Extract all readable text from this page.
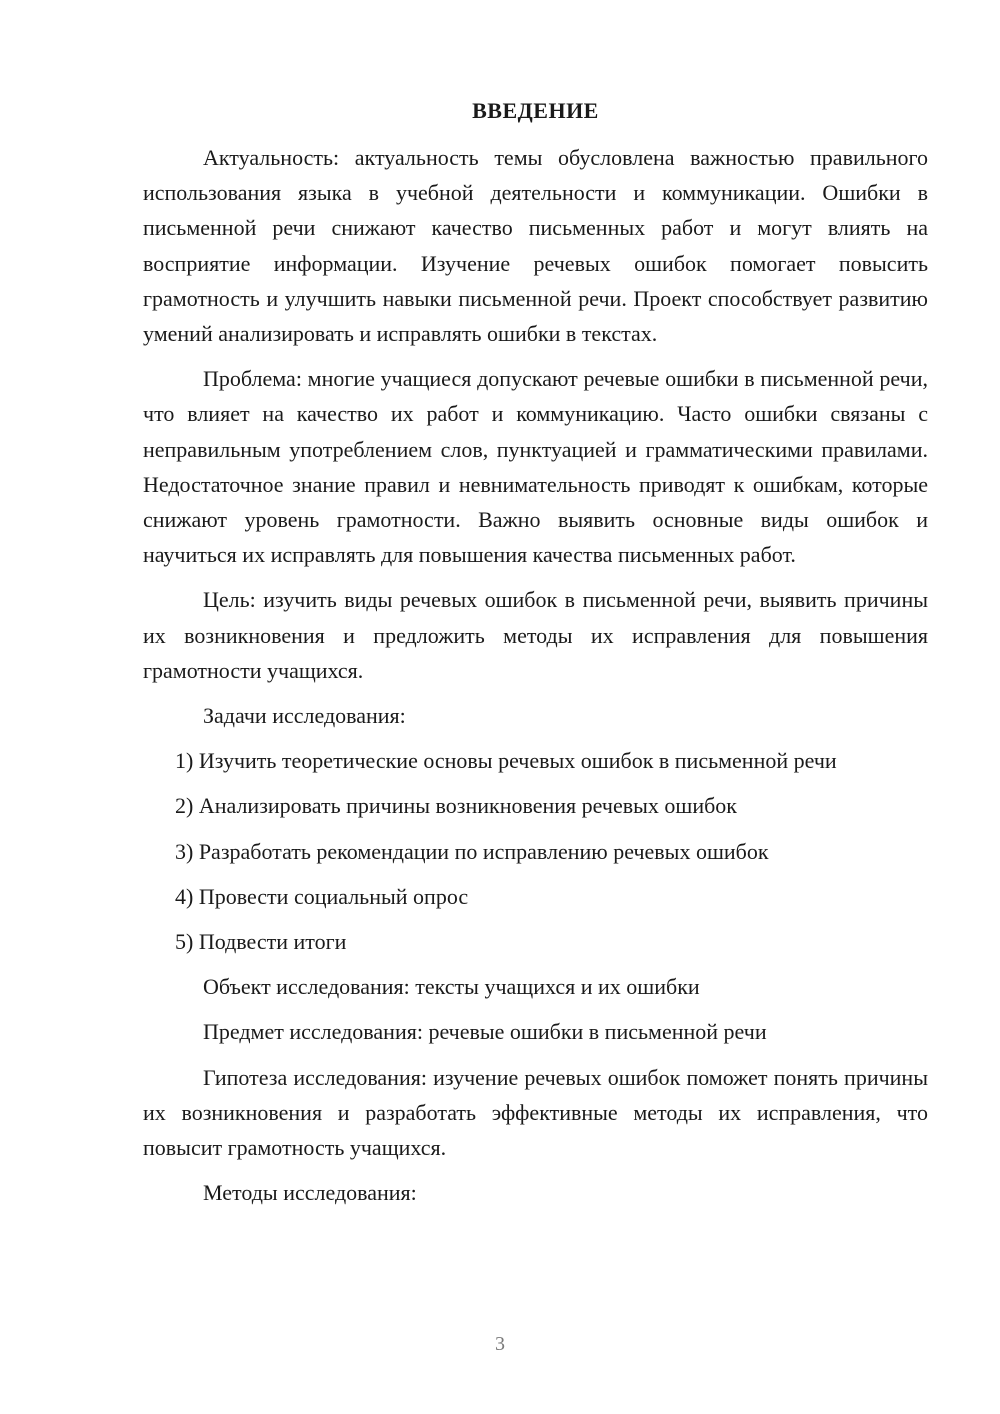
ВВЕДЕНИЕ

Актуальность: актуальность темы обусловлена важностью правильного использования языка в учебной деятельности и коммуникации. Ошибки в письменной речи снижают качество письменных работ и могут влиять на восприятие информации. Изучение речевых ошибок помогает повысить грамотность и улучшить навыки письменной речи. Проект способствует развитию умений анализировать и исправлять ошибки в текстах.

Проблема: многие учащиеся допускают речевые ошибки в письменной речи, что влияет на качество их работ и коммуникацию. Часто ошибки связаны с неправильным употреблением слов, пунктуацией и грамматическими правилами. Недостаточное знание правил и невнимательность приводят к ошибкам, которые снижают уровень грамотности. Важно выявить основные виды ошибок и научиться их исправлять для повышения качества письменных работ.

Цель: изучить виды речевых ошибок в письменной речи, выявить причины их возникновения и предложить методы их исправления для повышения грамотности учащихся.

Задачи исследования:
1) Изучить теоретические основы речевых ошибок в письменной речи
2) Анализировать причины возникновения речевых ошибок
3) Разработать рекомендации по исправлению речевых ошибок
4) Провести социальный опрос
5) Подвести итоги
Объект исследования: тексты учащихся и их ошибки
Предмет исследования: речевые ошибки в письменной речи

Гипотеза исследования: изучение речевых ошибок поможет понять причины их возникновения и разработать эффективные методы их исправления, что повысит грамотность учащихся.

Методы исследования:
3
